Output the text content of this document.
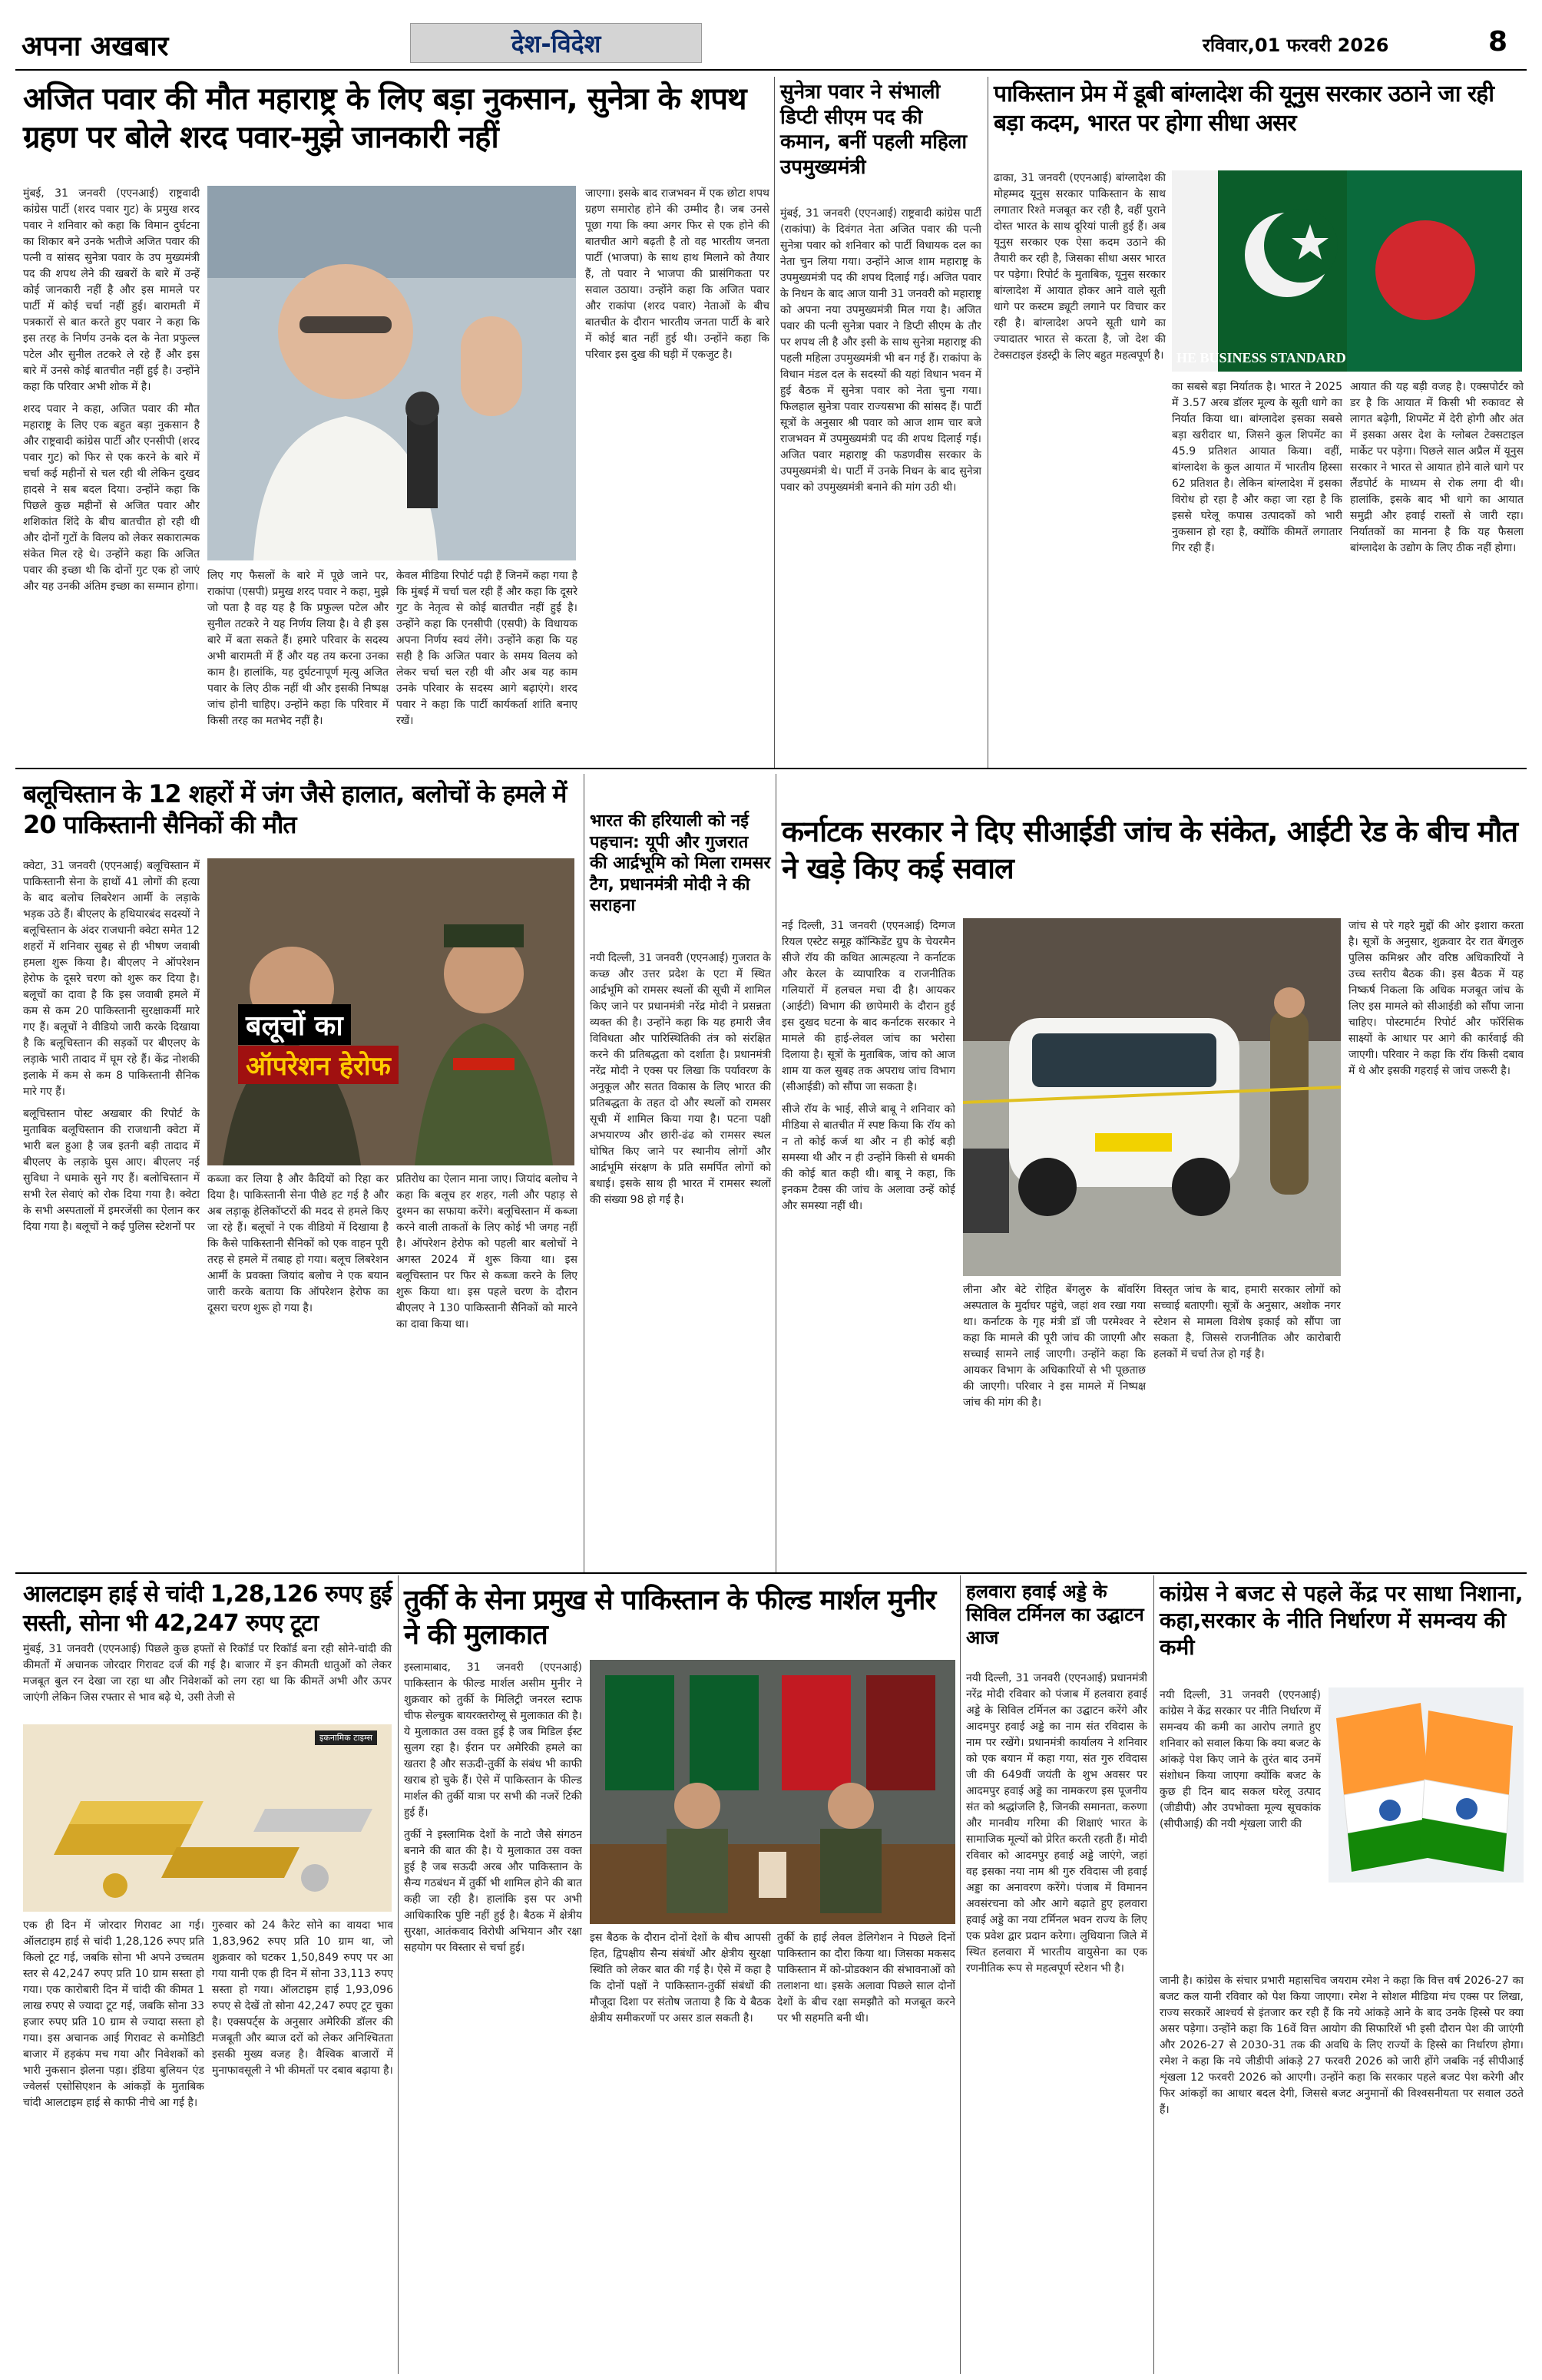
अपना अखबार	देश-विदेश	रविवार,01 फरवरी 2026	8
अजित पवार की मौत महाराष्ट्र के लिए बड़ा नुकसान, सुनेत्रा के शपथ ग्रहण पर बोले शरद पवार-मुझे जानकारी नहीं

मुंबई, 31 जनवरी (एएनआई) राष्ट्रवादी कांग्रेस पार्टी (शरद पवार गुट) के प्रमुख शरद पवार ने शनिवार को कहा कि विमान दुर्घटना का शिकार बने उनके भतीजे अजित पवार की पत्नी व सांसद सुनेत्रा पवार के उप मुख्यमंत्री पद की शपथ लेने की खबरों के बारे में उन्हें कोई जानकारी नहीं है और इस मामले पर पार्टी में कोई चर्चा नहीं हुई। बारामती में पत्रकारों से बात करते हुए पवार ने कहा कि इस तरह के निर्णय उनके दल के नेता प्रफुल्ल पटेल और सुनील तटकरे ले रहे हैं और इस बारे में उनसे कोई बातचीत नहीं हुई है। उन्होंने कहा कि परिवार अभी शोक में है।

शरद पवार ने कहा, अजित पवार की मौत महाराष्ट्र के लिए एक बहुत बड़ा नुकसान है और राष्ट्रवादी कांग्रेस पार्टी और एनसीपी (शरद पवार गुट) को फिर से एक करने के बारे में चर्चा कई महीनों से चल रही थी लेकिन दुखद हादसे ने सब बदल दिया। उन्होंने कहा कि पिछले कुछ महीनों से अजित पवार और शशिकांत शिंदे के बीच बातचीत हो रही थी और दोनों गुटों के विलय को लेकर सकारात्मक संकेत मिल रहे थे। उन्होंने कहा कि अजित पवार की इच्छा थी कि दोनों गुट एक हो जाएं और यह उनकी अंतिम इच्छा का सम्मान होगा।

लिए गए फैसलों के बारे में पूछे जाने पर, राकांपा (एसपी) प्रमुख शरद पवार ने कहा, मुझे जो पता है वह यह है कि प्रफुल्ल पटेल और सुनील तटकरे ने यह निर्णय लिया है। वे ही इस बारे में बता सकते हैं। हमारे परिवार के सदस्य अभी बारामती में हैं और यह तय करना उनका काम है। हालांकि, यह दुर्घटनापूर्ण मृत्यु अजित पवार के लिए ठीक नहीं थी और इसकी निष्पक्ष जांच होनी चाहिए। उन्होंने कहा कि परिवार में किसी तरह का मतभेद नहीं है।
केवल मीडिया रिपोर्ट पढ़ी हैं जिनमें कहा गया है कि मुंबई में चर्चा चल रही हैं और कहा कि दूसरे गुट के नेतृत्व से कोई बातचीत नहीं हुई है। उन्होंने कहा कि एनसीपी (एसपी) के विधायक अपना निर्णय स्वयं लेंगे। उन्होंने कहा कि यह सही है कि अजित पवार के समय विलय को लेकर चर्चा चल रही थी और अब यह काम उनके परिवार के सदस्य आगे बढ़ाएंगे। शरद पवार ने कहा कि पार्टी कार्यकर्ता शांति बनाए रखें।
जाएगा। इसके बाद राजभवन में एक छोटा शपथ ग्रहण समारोह होने की उम्मीद है। जब उनसे पूछा गया कि क्या अगर फिर से एक होने की बातचीत आगे बढ़ती है तो वह भारतीय जनता पार्टी (भाजपा) के साथ हाथ मिलाने को तैयार हैं, तो पवार ने भाजपा की प्रासंगिकता पर सवाल उठाया। उन्होंने कहा कि अजित पवार और राकांपा (शरद पवार) नेताओं के बीच बातचीत के दौरान भारतीय जनता पार्टी के बारे में कोई बात नहीं हुई थी। उन्होंने कहा कि परिवार इस दुख की घड़ी में एकजुट है।
सुनेत्रा पवार ने संभाली डिप्टी सीएम पद की कमान, बनीं पहली महिला उपमुख्यमंत्री
मुंबई, 31 जनवरी (एएनआई) राष्ट्रवादी कांग्रेस पार्टी (राकांपा) के दिवंगत नेता अजित पवार की पत्नी सुनेत्रा पवार को शनिवार को पार्टी विधायक दल का नेता चुन लिया गया। उन्होंने आज शाम महाराष्ट्र के उपमुख्यमंत्री पद की शपथ दिलाई गई। अजित पवार के निधन के बाद आज यानी 31 जनवरी को महाराष्ट्र को अपना नया उपमुख्यमंत्री मिल गया है। अजित पवार की पत्नी सुनेत्रा पवार ने डिप्टी सीएम के तौर पर शपथ ली है और इसी के साथ सुनेत्रा महाराष्ट्र की पहली महिला उपमुख्यमंत्री भी बन गई हैं। राकांपा के विधान मंडल दल के सदस्यों की यहां विधान भवन में हुई बैठक में सुनेत्रा पवार को नेता चुना गया। फिलहाल सुनेत्रा पवार राज्यसभा की सांसद हैं। पार्टी सूत्रों के अनुसार श्री पवार को आज शाम चार बजे राजभवन में उपमुख्यमंत्री पद की शपथ दिलाई गई। अजित पवार महाराष्ट्र की फडणवीस सरकार के उपमुख्यमंत्री थे। पार्टी में उनके निधन के बाद सुनेत्रा पवार को उपमुख्यमंत्री बनाने की मांग उठी थी।
पाकिस्तान प्रेम में डूबी बांग्लादेश की यूनुस सरकार उठाने जा रही बड़ा कदम, भारत पर होगा सीधा असर
ढाका, 31 जनवरी (एएनआई) बांग्लादेश की मोहम्मद यूनुस सरकार पाकिस्तान के साथ लगातार रिश्ते मजबूत कर रही है, वहीं पुराने दोस्त भारत के साथ दूरियां पाली हुई हैं। अब यूनुस सरकार एक ऐसा कदम उठाने की तैयारी कर रही है, जिसका सीधा असर भारत पर पड़ेगा। रिपोर्ट के मुताबिक, यूनुस सरकार बांग्लादेश में आयात होकर आने वाले सूती धागे पर कस्टम ड्यूटी लगाने पर विचार कर रही है। बांग्लादेश अपने सूती धागे का ज्यादातर भारत से करता है, जो देश की टेक्सटाइल इंडस्ट्री के लिए बहुत महत्वपूर्ण है। HE BUSINESS STANDARD
का सबसे बड़ा निर्यातक है। भारत ने 2025 में 3.57 अरब डॉलर मूल्य के सूती धागे का निर्यात किया था। बांग्लादेश इसका सबसे बड़ा खरीदार था, जिसने कुल शिपमेंट का 45.9 प्रतिशत आयात किया। वहीं, बांग्लादेश के कुल आयात में भारतीय हिस्सा 62 प्रतिशत है। लेकिन बांग्लादेश में इसका विरोध हो रहा है और कहा जा रहा है कि इससे घरेलू कपास उत्पादकों को भारी नुकसान हो रहा है, क्योंकि कीमतें लगातार गिर रही हैं।
आयात की यह बड़ी वजह है। एक्सपोर्टर को डर है कि आयात में किसी भी रुकावट से लागत बढ़ेगी, शिपमेंट में देरी होगी और अंत में इसका असर देश के ग्लोबल टेक्सटाइल मार्केट पर पड़ेगा। पिछले साल अप्रैल में यूनुस सरकार ने भारत से आयात होने वाले धागे पर लैंडपोर्ट के माध्यम से रोक लगा दी थी। हालांकि, इसके बाद भी धागे का आयात समुद्री और हवाई रास्तों से जारी रहा। निर्यातकों का मानना है कि यह फैसला बांग्लादेश के उद्योग के लिए ठीक नहीं होगा।
बलूचिस्तान के 12 शहरों में जंग जैसे हालात, बलोचों के हमले में 20 पाकिस्तानी सैनिकों की मौत

क्वेटा, 31 जनवरी (एएनआई) बलूचिस्तान में पाकिस्तानी सेना के हाथों 41 लोगों की हत्या के बाद बलोच लिबरेशन आर्मी के लड़ाके भड़क उठे हैं। बीएलए के हथियारबंद सदस्यों ने बलूचिस्तान के अंदर राजधानी क्वेटा समेत 12 शहरों में शनिवार सुबह से ही भीषण जवाबी हमला शुरू किया है। बीएलए ने ऑपरेशन हेरोफ के दूसरे चरण को शुरू कर दिया है। बलूचों का दावा है कि इस जवाबी हमले में कम से कम 20 पाकिस्तानी सुरक्षाकर्मी मारे गए हैं। बलूचों ने वीडियो जारी करके दिखाया है कि बलूचिस्तान की सड़कों पर बीएलए के लड़ाके भारी तादाद में घूम रहे हैं। केंद्र नोशकी इलाके में कम से कम 8 पाकिस्तानी सैनिक मारे गए हैं।

बलूचिस्तान पोस्ट अखबार की रिपोर्ट के मुताबिक बलूचिस्तान की राजधानी क्वेटा में भारी बल हुआ है जब इतनी बड़ी तादाद में बीएलए के लड़ाके घुस आए। बीएलए नई सुविधा ने धमाके सुने गए हैं। बलोचिस्तान में सभी रेल सेवाएं को रोक दिया गया है। क्वेटा के सभी अस्पतालों में इमरजेंसी का ऐलान कर दिया गया है। बलूचों ने कई पुलिस स्टेशनों पर

बलूचों का
ऑपरेशन हेरोफ
कब्जा कर लिया है और कैदियों को रिहा कर दिया है। पाकिस्तानी सेना पीछे हट गई है और अब लड़ाकू हेलिकॉप्टरों की मदद से हमले किए जा रहे हैं। बलूचों ने एक वीडियो में दिखाया है कि कैसे पाकिस्तानी सैनिकों को एक वाहन पूरी तरह से हमले में तबाह हो गया। बलूच लिबरेशन आर्मी के प्रवक्ता जियांद बलोच ने एक बयान जारी करके बताया कि ऑपरेशन हेरोफ का दूसरा चरण शुरू हो गया है।
प्रतिरोध का ऐलान माना जाए। जियांद बलोच ने कहा कि बलूच हर शहर, गली और पहाड़ से दुश्मन का सफाया करेंगे। बलूचिस्तान में कब्जा करने वाली ताकतों के लिए कोई भी जगह नहीं है। ऑपरेशन हेरोफ को पहली बार बलोचों ने अगस्त 2024 में शुरू किया था। इस बलूचिस्तान पर फिर से कब्जा करने के लिए शुरू किया था। इस पहले चरण के दौरान बीएलए ने 130 पाकिस्तानी सैनिकों को मारने का दावा किया था।
भारत की हरियाली को नई पहचान: यूपी और गुजरात की आर्द्रभूमि को मिला रामसर टैग, प्रधानमंत्री मोदी ने की सराहना
नयी दिल्ली, 31 जनवरी (एएनआई) गुजरात के कच्छ और उत्तर प्रदेश के एटा में स्थित आर्द्रभूमि को रामसर स्थलों की सूची में शामिल किए जाने पर प्रधानमंत्री नरेंद्र मोदी ने प्रसन्नता व्यक्त की है। उन्होंने कहा कि यह हमारी जैव विविधता और पारिस्थितिकी तंत्र को संरक्षित करने की प्रतिबद्धता को दर्शाता है। प्रधानमंत्री नरेंद्र मोदी ने एक्स पर लिखा कि पर्यावरण के अनुकूल और सतत विकास के लिए भारत की प्रतिबद्धता के तहत दो और स्थलों को रामसर सूची में शामिल किया गया है। पटना पक्षी अभयारण्य और छारी-ढंढ को रामसर स्थल घोषित किए जाने पर स्थानीय लोगों और आर्द्रभूमि संरक्षण के प्रति समर्पित लोगों को बधाई। इसके साथ ही भारत में रामसर स्थलों की संख्या 98 हो गई है।
कर्नाटक सरकार ने दिए सीआईडी जांच के संकेत, आईटी रेड के बीच मौत ने खड़े किए कई सवाल

नई दिल्ली, 31 जनवरी (एएनआई) दिग्गज रियल एस्टेट समूह कॉन्फिडेंट ग्रुप के चेयरमैन सीजे रॉय की कथित आत्महत्या ने कर्नाटक और केरल के व्यापारिक व राजनीतिक गलियारों में हलचल मचा दी है। आयकर (आईटी) विभाग की छापेमारी के दौरान हुई इस दुखद घटना के बाद कर्नाटक सरकार ने मामले की हाई-लेवल जांच का भरोसा दिलाया है। सूत्रों के मुताबिक, जांच को आज शाम या कल सुबह तक अपराध जांच विभाग (सीआईडी) को सौंपा जा सकता है।

सीजे रॉय के भाई, सीजे बाबू ने शनिवार को मीडिया से बातचीत में स्पष्ट किया कि रॉय को न तो कोई कर्ज था और न ही कोई बड़ी समस्या थी और न ही उन्होंने किसी से धमकी की कोई बात कही थी। बाबू ने कहा, कि इनकम टैक्स की जांच के अलावा उन्हें कोई और समस्या नहीं थी।

लीना और बेटे रोहित बेंगलुरु के बॉवरिंग अस्पताल के मुर्दाघर पहुंचे, जहां शव रखा गया था। कर्नाटक के गृह मंत्री डॉ जी परमेश्वर ने कहा कि मामले की पूरी जांच की जाएगी और सच्चाई सामने लाई जाएगी। उन्होंने कहा कि आयकर विभाग के अधिकारियों से भी पूछताछ की जाएगी। परिवार ने इस मामले में निष्पक्ष जांच की मांग की है।
विस्तृत जांच के बाद, हमारी सरकार लोगों को सच्चाई बताएगी। सूत्रों के अनुसार, अशोक नगर स्टेशन से मामला विशेष इकाई को सौंपा जा सकता है, जिससे राजनीतिक और कारोबारी हलकों में चर्चा तेज हो गई है।
जांच से परे गहरे मुद्दों की ओर इशारा करता है। सूत्रों के अनुसार, शुक्रवार देर रात बेंगलुरु पुलिस कमिश्नर और वरिष्ठ अधिकारियों ने उच्च स्तरीय बैठक की। इस बैठक में यह निष्कर्ष निकला कि अधिक मजबूत जांच के लिए इस मामले को सीआईडी को सौंपा जाना चाहिए। पोस्टमार्टम रिपोर्ट और फॉरेंसिक साक्ष्यों के आधार पर आगे की कार्रवाई की जाएगी। परिवार ने कहा कि रॉय किसी दबाव में थे और इसकी गहराई से जांच जरूरी है।
आलटाइम हाई से चांदी 1,28,126 रुपए हुई सस्ती, सोना भी 42,247 रुपए टूटा
मुंबई, 31 जनवरी (एएनआई) पिछले कुछ हफ्तों से रिकॉर्ड पर रिकॉर्ड बना रही सोने-चांदी की कीमतों में अचानक जोरदार गिरावट दर्ज की गई है। बाजार में इन कीमती धातुओं को लेकर मजबूत बुल रन देखा जा रहा था और निवेशकों को लग रहा था कि कीमतें अभी और ऊपर जाएंगी लेकिन जिस रफ्तार से भाव बढ़े थे, उसी तेजी से
इकनामिक टाइम्स
एक ही दिन में जोरदार गिरावट आ गई। ऑलटाइम हाई से चांदी 1,28,126 रुपए प्रति किलो टूट गई, जबकि सोना भी अपने उच्चतम स्तर से 42,247 रुपए प्रति 10 ग्राम सस्ता हो गया। एक कारोबारी दिन में चांदी की कीमत 1 लाख रुपए से ज्यादा टूट गई, जबकि सोना 33 हजार रुपए प्रति 10 ग्राम से ज्यादा सस्ता हो गया। इस अचानक आई गिरावट से कमोडिटी बाजार में हड़कंप मच गया और निवेशकों को भारी नुकसान झेलना पड़ा। इंडिया बुलियन एंड ज्वेलर्स एसोसिएशन के आंकड़ों के मुताबिक चांदी आलटाइम हाई से काफी नीचे आ गई है।
गुरुवार को 24 कैरेट सोने का वायदा भाव 1,83,962 रुपए प्रति 10 ग्राम था, जो शुक्रवार को घटकर 1,50,849 रुपए पर आ गया यानी एक ही दिन में सोना 33,113 रुपए सस्ता हो गया। ऑलटाइम हाई 1,93,096 रुपए से देखें तो सोना 42,247 रुपए टूट चुका है। एक्सपर्ट्स के अनुसार अमेरिकी डॉलर की मजबूती और ब्याज दरों को लेकर अनिश्चितता इसकी मुख्य वजह है। वैश्विक बाजारों में मुनाफावसूली ने भी कीमतों पर दबाव बढ़ाया है।
तुर्की के सेना प्रमुख से पाकिस्तान के फील्ड मार्शल मुनीर ने की मुलाकात

इस्लामाबाद, 31 जनवरी (एएनआई) पाकिस्तान के फील्ड मार्शल असीम मुनीर ने शुक्रवार को तुर्की के मिलिट्री जनरल स्टाफ चीफ सेल्चुक बायरक्तरोग्लू से मुलाकात की है। ये मुलाकात उस वक्त हुई है जब मिडिल ईस्ट सुलग रहा है। ईरान पर अमेरिकी हमले का खतरा है और सऊदी-तुर्की के संबंध भी काफी खराब हो चुके हैं। ऐसे में पाकिस्तान के फील्ड मार्शल की तुर्की यात्रा पर सभी की नजरें टिकी हुई हैं।

तुर्की ने इस्लामिक देशों के नाटो जैसे संगठन बनाने की बात की है। ये मुलाकात उस वक्त हुई है जब सऊदी अरब और पाकिस्तान के सैन्य गठबंधन में तुर्की भी शामिल होने की बात कही जा रही है। हालांकि इस पर अभी आधिकारिक पुष्टि नहीं हुई है। बैठक में क्षेत्रीय सुरक्षा, आतंकवाद विरोधी अभियान और रक्षा सहयोग पर विस्तार से चर्चा हुई।

इस बैठक के दौरान दोनों देशों के बीच आपसी हित, द्विपक्षीय सैन्य संबंधों और क्षेत्रीय सुरक्षा स्थिति को लेकर बात की गई है। ऐसे में कहा है कि दोनों पक्षों ने पाकिस्तान-तुर्की संबंधों की मौजूदा दिशा पर संतोष जताया है कि ये बैठक क्षेत्रीय समीकरणों पर असर डाल सकती है।
तुर्की के हाई लेवल डेलिगेशन ने पिछले दिनों पाकिस्तान का दौरा किया था। जिसका मकसद पाकिस्तान में को-प्रोडक्शन की संभावनाओं को तलाशना था। इसके अलावा पिछले साल दोनों देशों के बीच रक्षा समझौते को मजबूत करने पर भी सहमति बनी थी।
हलवारा हवाई अड्डे के सिविल टर्मिनल का उद्घाटन आज
नयी दिल्ली, 31 जनवरी (एएनआई) प्रधानमंत्री नरेंद्र मोदी रविवार को पंजाब में हलवारा हवाई अड्डे के सिविल टर्मिनल का उद्घाटन करेंगे और आदमपुर हवाई अड्डे का नाम संत रविदास के नाम पर रखेंगे। प्रधानमंत्री कार्यालय ने शनिवार को एक बयान में कहा गया, संत गुरु रविदास जी की 649वीं जयंती के शुभ अवसर पर आदमपुर हवाई अड्डे का नामकरण इस पूजनीय संत को श्रद्धांजलि है, जिनकी समानता, करुणा और मानवीय गरिमा की शिक्षाएं भारत के सामाजिक मूल्यों को प्रेरित करती रहती हैं। मोदी रविवार को आदमपुर हवाई अड्डे जाएंगे, जहां वह इसका नया नाम श्री गुरु रविदास जी हवाई अड्डा का अनावरण करेंगे। पंजाब में विमानन अवसंरचना को और आगे बढ़ाते हुए हलवारा हवाई अड्डे का नया टर्मिनल भवन राज्य के लिए एक प्रवेश द्वार प्रदान करेगा। लुधियाना जिले में स्थित हलवारा में भारतीय वायुसेना का एक रणनीतिक रूप से महत्वपूर्ण स्टेशन भी है।
कांग्रेस ने बजट से पहले केंद्र पर साधा निशाना, कहा,सरकार के नीति निर्धारण में समन्वय की कमी
नयी दिल्ली, 31 जनवरी (एएनआई) कांग्रेस ने केंद्र सरकार पर नीति निर्धारण में समन्वय की कमी का आरोप लगाते हुए शनिवार को सवाल किया कि क्या बजट के आंकड़े पेश किए जाने के तुरंत बाद उनमें संशोधन किया जाएगा क्योंकि बजट के कुछ ही दिन बाद सकल घरेलू उत्पाद (जीडीपी) और उपभोक्ता मूल्य सूचकांक (सीपीआई) की नयी शृंखला जारी की
जानी है। कांग्रेस के संचार प्रभारी महासचिव जयराम रमेश ने कहा कि वित्त वर्ष 2026-27 का बजट कल यानी रविवार को पेश किया जाएगा। रमेश ने सोशल मीडिया मंच एक्स पर लिखा, राज्य सरकारें आश्चर्य से इंतजार कर रही हैं कि नये आंकड़े आने के बाद उनके हिस्से पर क्या असर पड़ेगा। उन्होंने कहा कि 16वें वित्त आयोग की सिफारिशें भी इसी दौरान पेश की जाएंगी और 2026-27 से 2030-31 तक की अवधि के लिए राज्यों के हिस्से का निर्धारण होगा। रमेश ने कहा कि नये जीडीपी आंकड़े 27 फरवरी 2026 को जारी होंगे जबकि नई सीपीआई शृंखला 12 फरवरी 2026 को आएगी। उन्होंने कहा कि सरकार पहले बजट पेश करेगी और फिर आंकड़ों का आधार बदल देगी, जिससे बजट अनुमानों की विश्वसनीयता पर सवाल उठते हैं।
